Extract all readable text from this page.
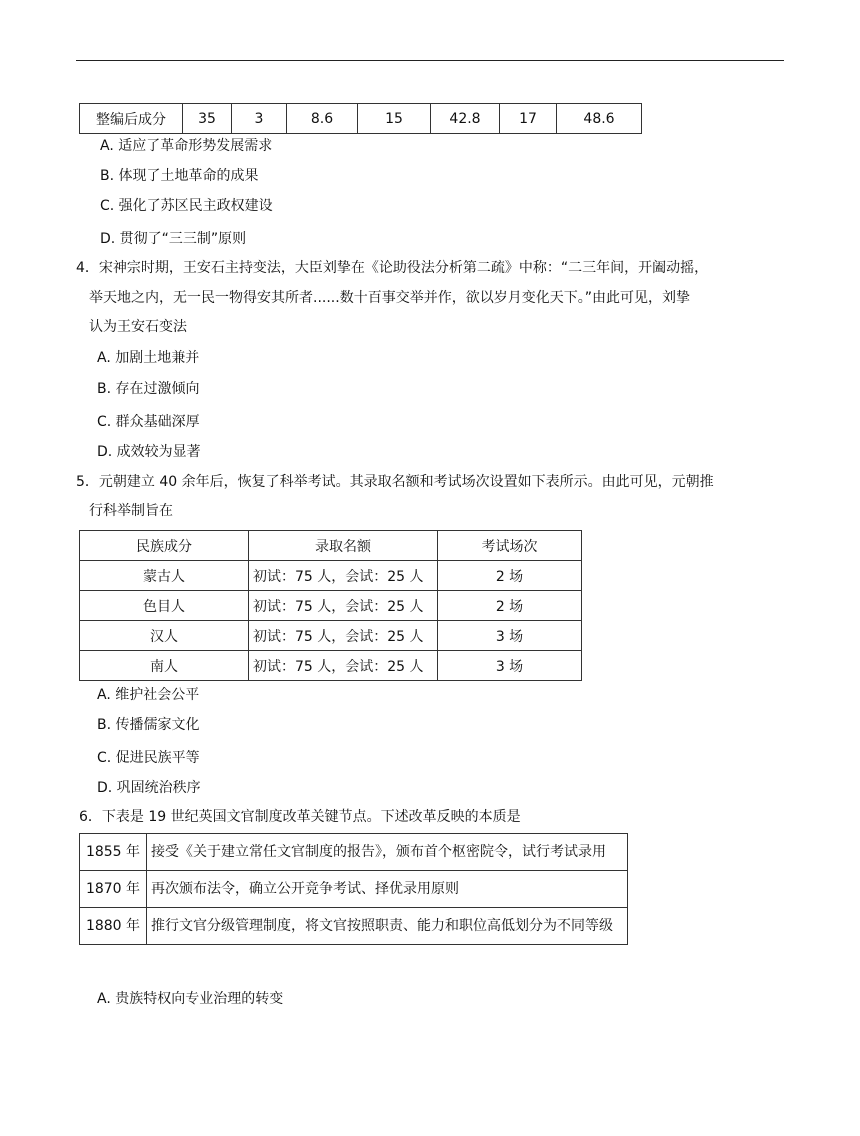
整编后成分	35	3	8.6	15	42.8	17	48.6
A. 适应了革命形势发展需求
B. 体现了土地革命的成果
C. 强化了苏区民主政权建设
D. 贯彻了“三三制”原则
4．宋神宗时期，王安石主持变法，大臣刘挚在《论助役法分析第二疏》中称：“二三年间，开阖动摇，
举天地之内，无一民一物得安其所者......数十百事交举并作，欲以岁月变化天下。”由此可见，刘挚
认为王安石变法
A. 加剧土地兼并
B. 存在过激倾向
C. 群众基础深厚
D. 成效较为显著
5．元朝建立 40 余年后，恢复了科举考试。其录取名额和考试场次设置如下表所示。由此可见，元朝推
行科举制旨在
民族成分	录取名额	考试场次
蒙古人	初试：75 人，会试：25 人	2 场
色目人	初试：75 人，会试：25 人	2 场
汉人	初试：75 人，会试：25 人	3 场
南人	初试：75 人，会试：25 人	3 场
A. 维护社会公平
B. 传播儒家文化
C. 促进民族平等
D. 巩固统治秩序
6．下表是 19 世纪英国文官制度改革关键节点。下述改革反映的本质是
1855 年	接受《关于建立常任文官制度的报告》，颁布首个枢密院令，试行考试录用
1870 年	再次颁布法令，确立公开竞争考试、择优录用原则
1880 年	推行文官分级管理制度，将文官按照职责、能力和职位高低划分为不同等级
A. 贵族特权向专业治理的转变
